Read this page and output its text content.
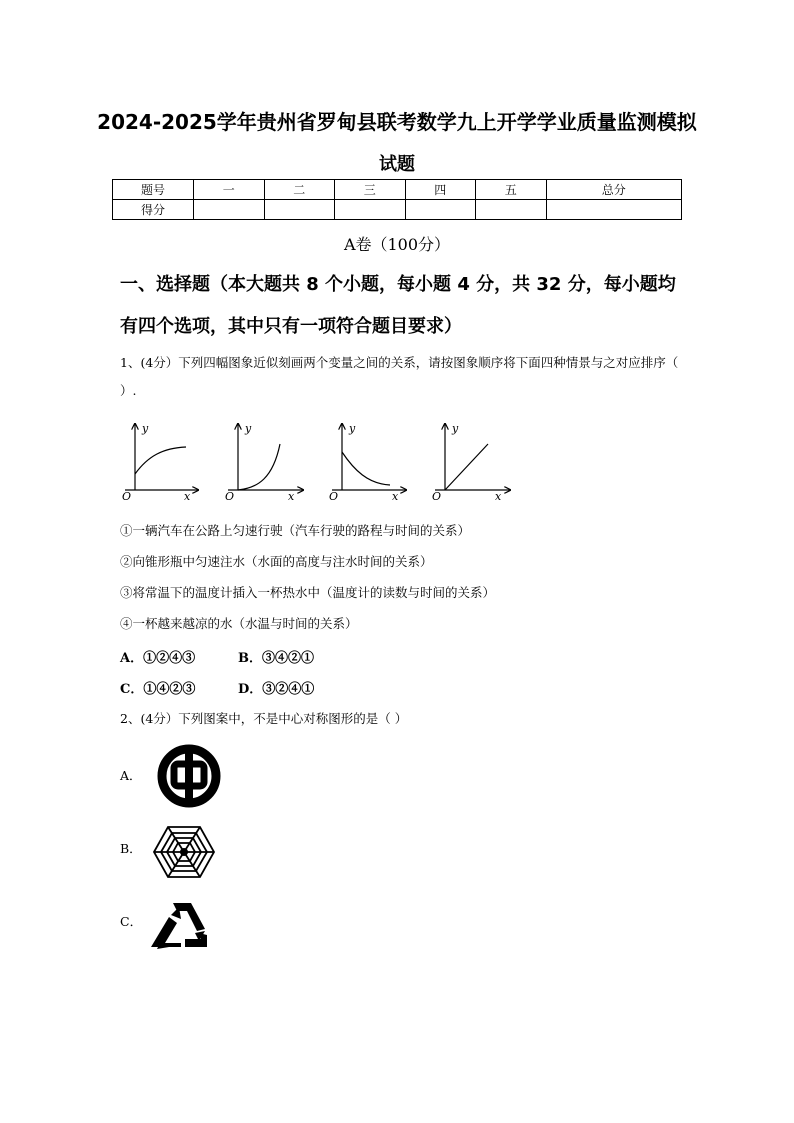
2024-2025学年贵州省罗甸县联考数学九上开学学业质量监测模拟
试题
题号	一	二	三	四	五	总分
得分						
A卷（100分）
一、选择题（本大题共 8 个小题，每小题 4 分，共 32 分，每小题均有四个选项，其中只有一项符合题目要求）
1、(4分）下列四幅图象近似刻画两个变量之间的关系，请按图象顺序将下面四种情景与之对应排序（ ）.
y
x
O
y
x
O
y
x
O
y
x
O
①一辆汽车在公路上匀速行驶（汽车行驶的路程与时间的关系）
②向锥形瓶中匀速注水（水面的高度与注水时间的关系）
③将常温下的温度计插入一杯热水中（温度计的读数与时间的关系）
④一杯越来越凉的水（水温与时间的关系）
A．①②④③	B．③④②①
C．①④②③	D．③②④①
2、(4分）下列图案中，不是中心对称图形的是（ ）
A．
B．
C．
